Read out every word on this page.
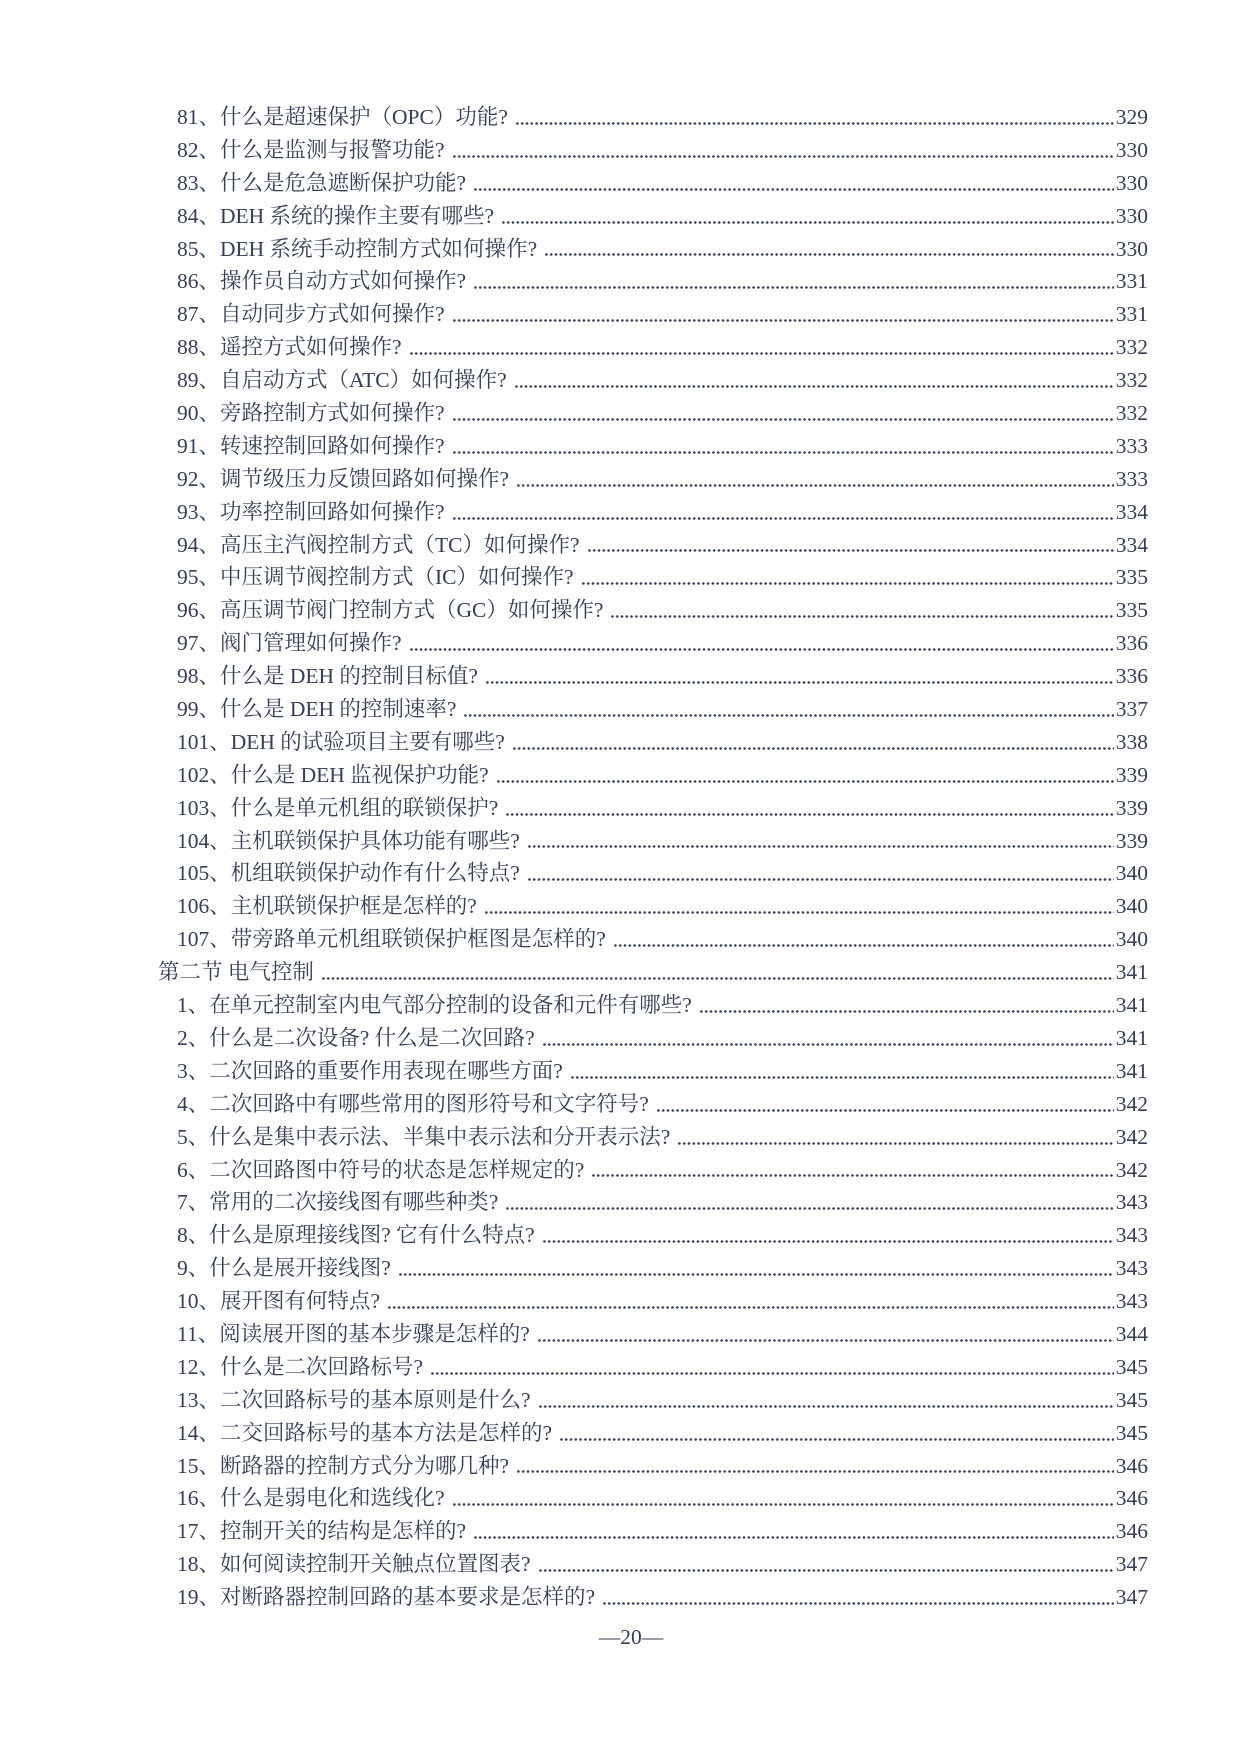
81、什么是超速保护（OPC）功能?	329
82、什么是监测与报警功能?	330
83、什么是危急遮断保护功能?	330
84、DEH 系统的操作主要有哪些?	330
85、DEH 系统手动控制方式如何操作?	330
86、操作员自动方式如何操作?	331
87、自动同步方式如何操作?	331
88、遥控方式如何操作?	332
89、自启动方式（ATC）如何操作?	332
90、旁路控制方式如何操作?	332
91、转速控制回路如何操作?	333
92、调节级压力反馈回路如何操作?	333
93、功率控制回路如何操作?	334
94、高压主汽阀控制方式（TC）如何操作?	334
95、中压调节阀控制方式（IC）如何操作?	335
96、高压调节阀门控制方式（GC）如何操作?	335
97、阀门管理如何操作?	336
98、什么是 DEH 的控制目标值?	336
99、什么是 DEH 的控制速率?	337
101、DEH 的试验项目主要有哪些?	338
102、什么是 DEH 监视保护功能?	339
103、什么是单元机组的联锁保护?	339
104、主机联锁保护具体功能有哪些?	339
105、机组联锁保护动作有什么特点?	340
106、主机联锁保护框是怎样的?	340
107、带旁路单元机组联锁保护框图是怎样的?	340
第二节 电气控制	341
1、在单元控制室内电气部分控制的设备和元件有哪些?	341
2、什么是二次设备? 什么是二次回路?	341
3、二次回路的重要作用表现在哪些方面?	341
4、二次回路中有哪些常用的图形符号和文字符号?	342
5、什么是集中表示法、半集中表示法和分开表示法?	342
6、二次回路图中符号的状态是怎样规定的?	342
7、常用的二次接线图有哪些种类?	343
8、什么是原理接线图? 它有什么特点?	343
9、什么是展开接线图?	343
10、展开图有何特点?	343
11、阅读展开图的基本步骤是怎样的?	344
12、什么是二次回路标号?	345
13、二次回路标号的基本原则是什么?	345
14、二交回路标号的基本方法是怎样的?	345
15、断路器的控制方式分为哪几种?	346
16、什么是弱电化和选线化?	346
17、控制开关的结构是怎样的?	346
18、如何阅读控制开关触点位置图表?	347
19、对断路器控制回路的基本要求是怎样的?	347
—20—
